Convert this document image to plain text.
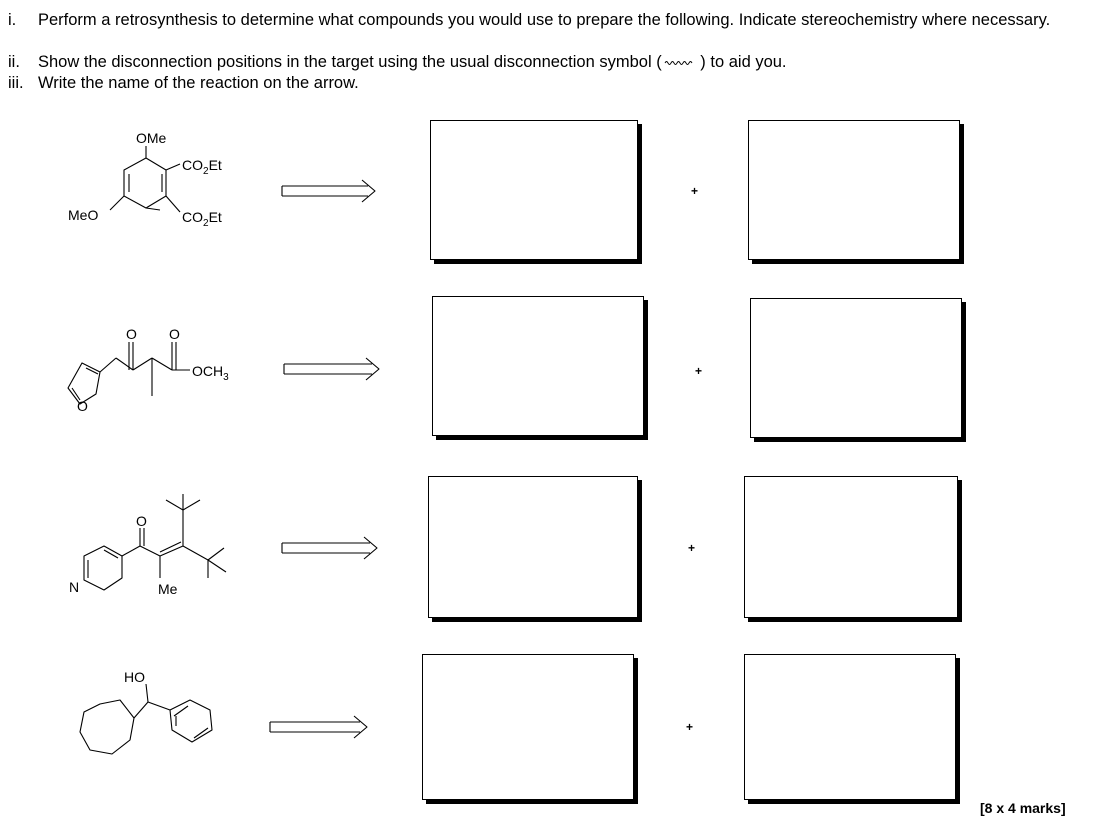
i. Perform a retrosynthesis to determine what compounds you would use to prepare the following. Indicate stereochemistry where necessary.
ii. Show the disconnection positions in the target using the usual disconnection symbol ( ) to aid you.
iii. Write the name of the reaction on the arrow.
+
+
+
+
OMe
MeO
$CO_2Et$
$CO_2Et$
O O
O
$OCH_3$
O
N	Me
HO
[8 x 4 marks]
